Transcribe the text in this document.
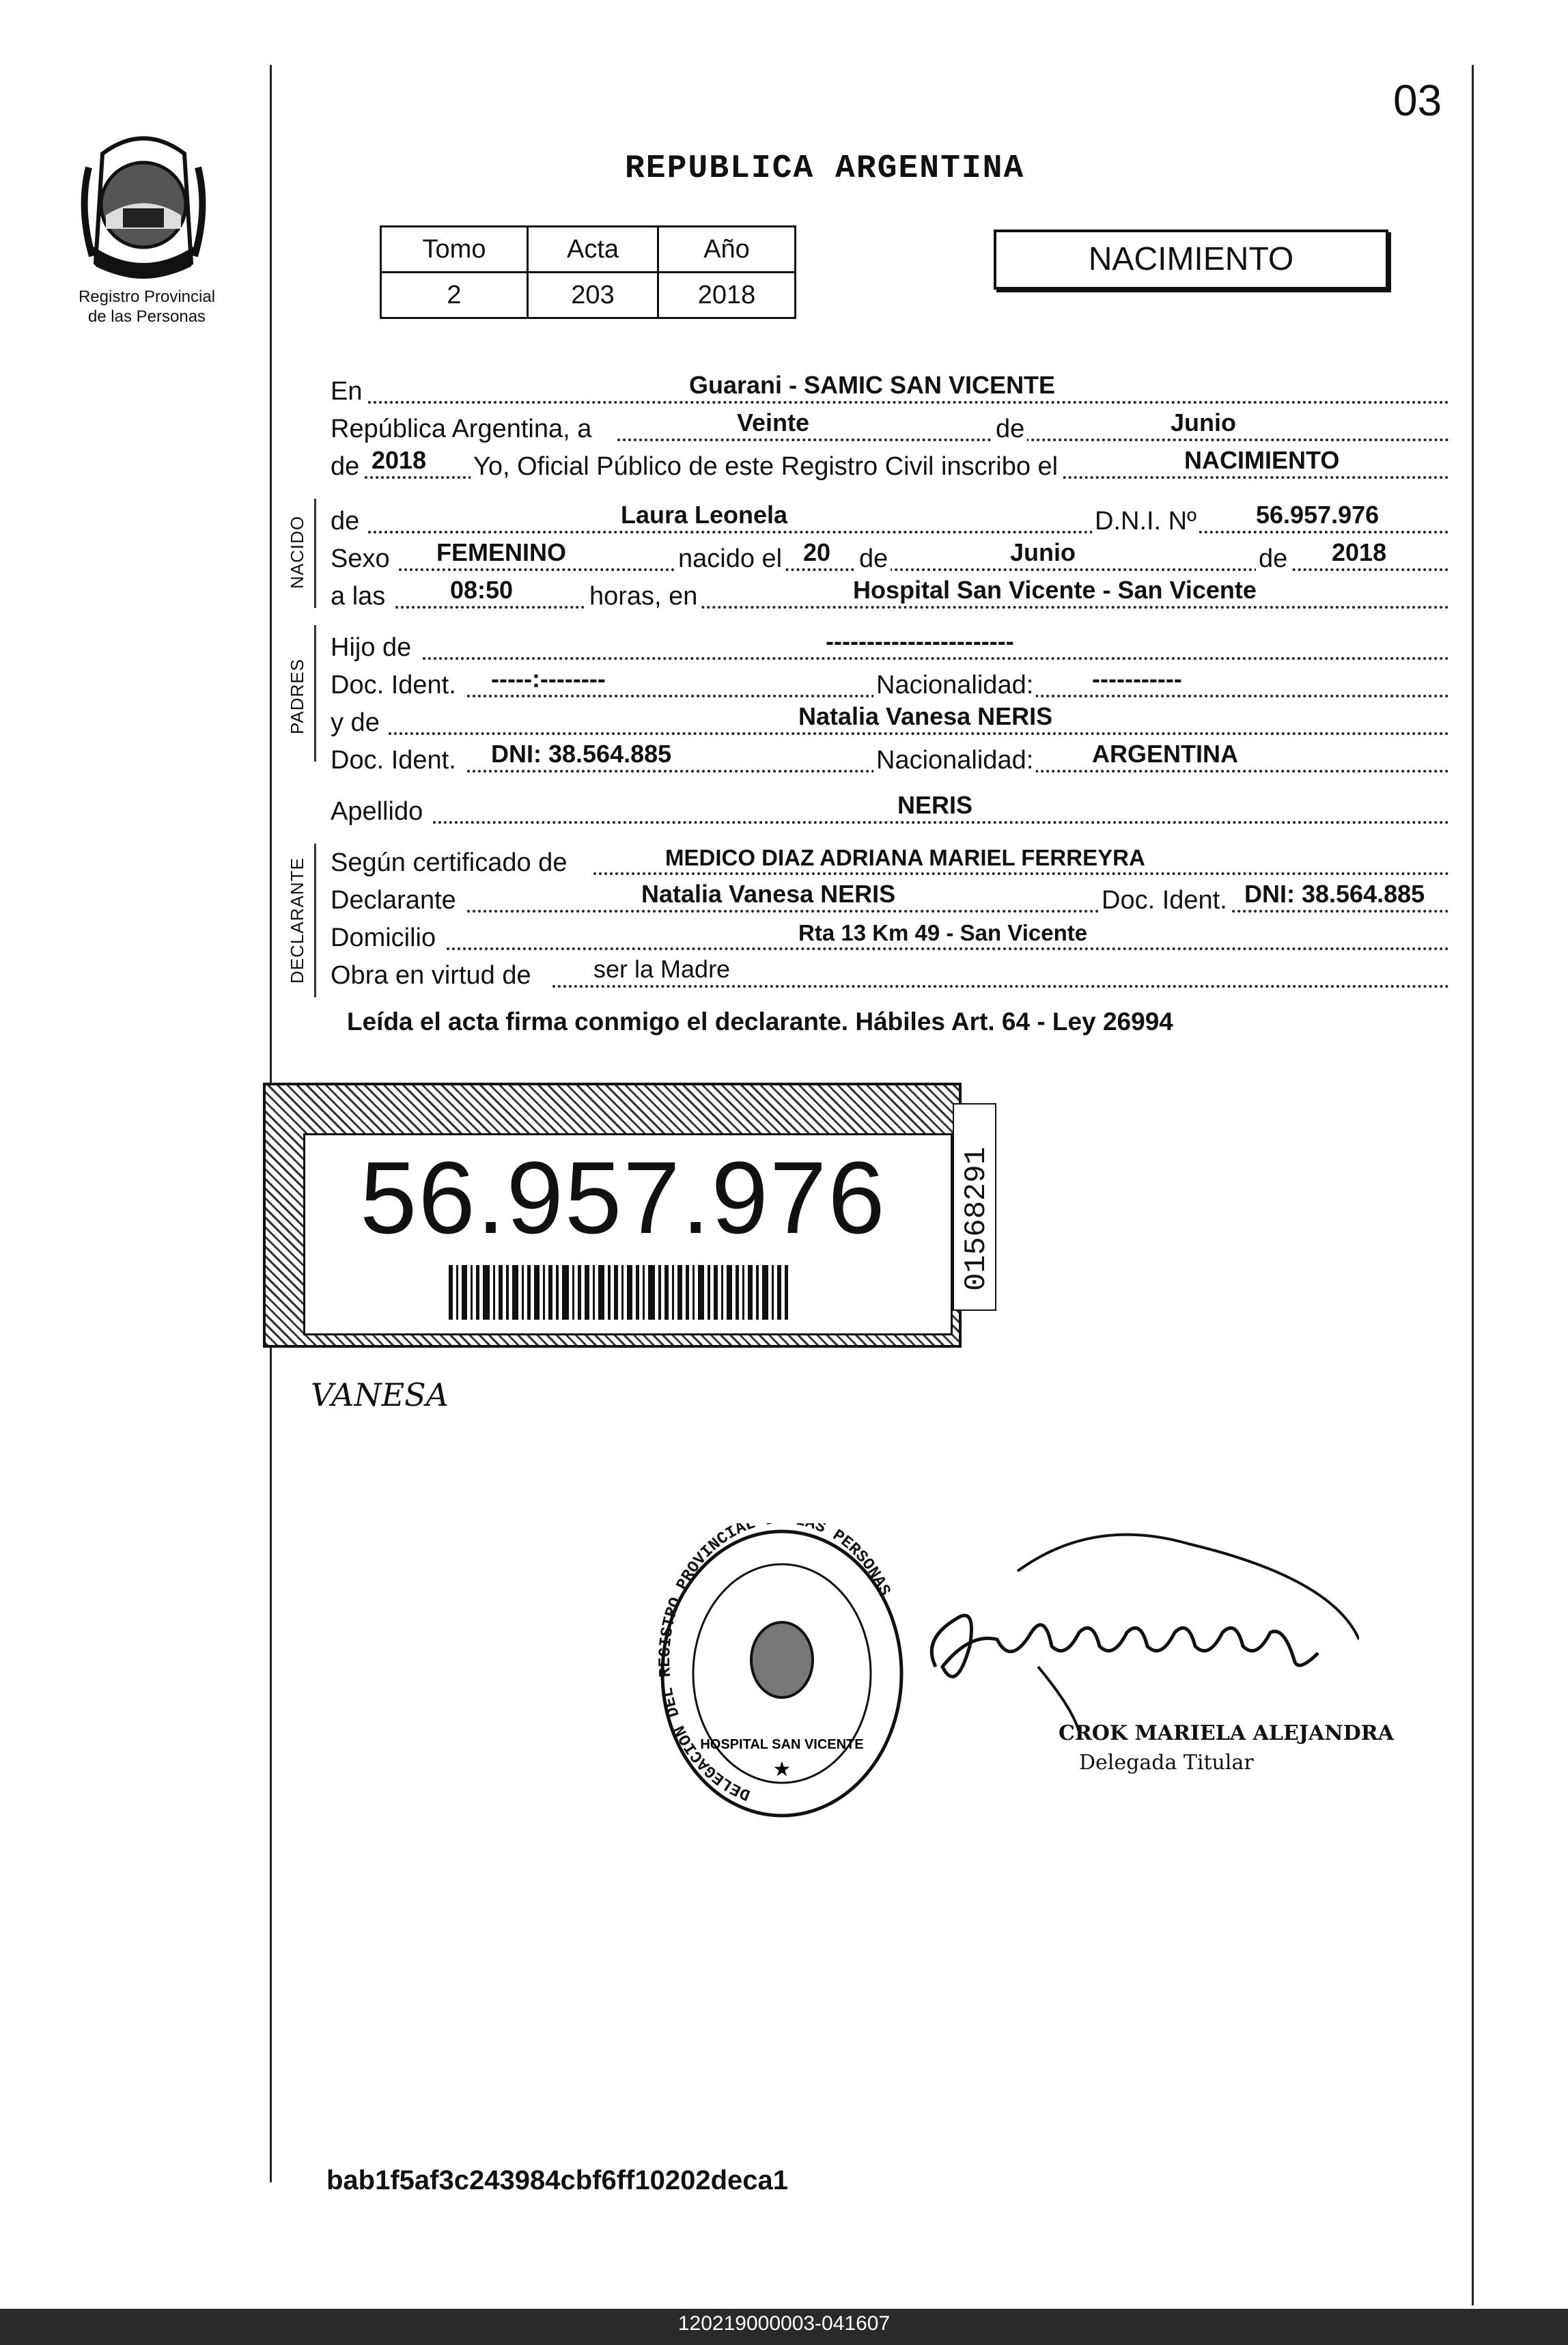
03
Registro Provincial
de las Personas
REPUBLICA ARGENTINA
Tomo	Acta	Año
2	203	2018
NACIMIENTO
En	Guarani - SAMIC SAN VICENTE
República Argentina, a	Veinte	de	Junio
de 2018 Yo, Oficial Público de este Registro Civil inscribo el	NACIMIENTO
NACIDO de	Laura Leonela	D.N.I. Nº 56.957.976
Sexo FEMENINO	nacido el 20 de	Junio	de 2018
a las	08:50	horas, en	Hospital San Vicente - San Vicente
PADRES
Hijo de	-----------------------
Doc. Ident. -----:--------	Nacionalidad: -----------
y de	Natalia Vanesa NERIS
Doc. Ident. DNI: 38.564.885	Nacionalidad: ARGENTINA
Apellido	NERIS
DECLARANTE Según certificado de	MEDICO DIAZ ADRIANA MARIEL FERREYRA
Declarante	Natalia Vanesa NERIS	Doc. Ident. DNI: 38.564.885
Domicilio	Rta 13 Km 49 - San Vicente
Obra en virtud de	ser la Madre
Leída el acta firma conmigo el declarante. Hábiles Art. 64 - Ley 26994
56.957.976 01568291
VANESA
DELEGACION DEL REGISTRO PROVINCIAL AS PERSONAS
HOSPITAL SAN VICENTE
★
CROK MARIELA ALEJANDRA
Delegada Titular
bab1f5af3c243984cbf6ff10202deca1
120219000003-041607
